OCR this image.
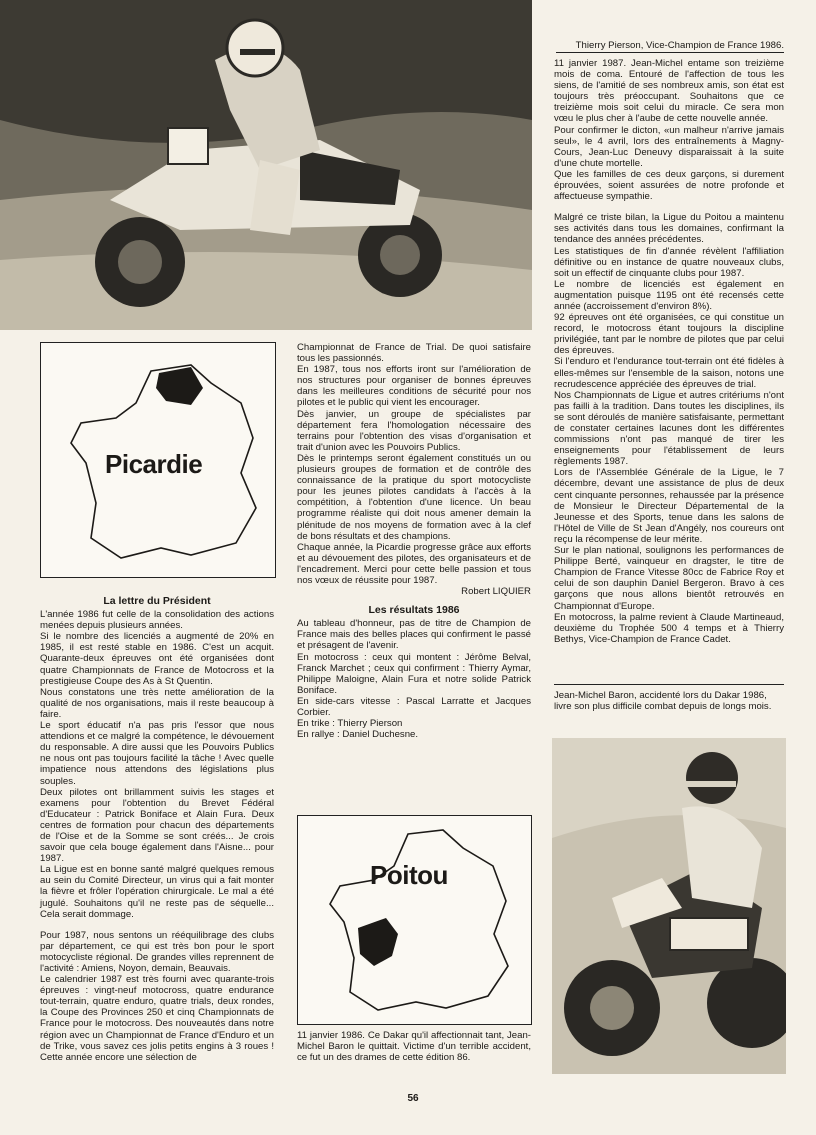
Thierry Pierson, Vice-Champion de France 1986.
Picardie
La lettre du Président

L'année 1986 fut celle de la consolidation des actions menées depuis plusieurs années.

Si le nombre des licenciés a augmenté de 20% en 1985, il est resté stable en 1986. C'est un acquit. Quarante-deux épreuves ont été organisées dont quatre Championnats de France de Motocross et la prestigieuse Coupe des As à St Quentin.

Nous constatons une très nette amélioration de la qualité de nos organisations, mais il reste beaucoup à faire.

Le sport éducatif n'a pas pris l'essor que nous attendions et ce malgré la compétence, le dévouement du responsable. A dire aussi que les Pouvoirs Publics ne nous ont pas toujours facilité la tâche ! Avec quelle impatience nous attendons des législations plus souples.

Deux pilotes ont brillamment suivis les stages et examens pour l'obtention du Brevet Fédéral d'Educateur : Patrick Boniface et Alain Fura. Deux centres de formation pour chacun des départements de l'Oise et de la Somme se sont créés... Je crois savoir que cela bouge également dans l'Aisne... pour 1987.

La Ligue est en bonne santé malgré quelques remous au sein du Comité Directeur, un virus qui a fait monter la fièvre et frôler l'opération chirurgicale. Le mal a été jugulé. Souhaitons qu'il ne reste pas de séquelle... Cela serait dommage.

Pour 1987, nous sentons un rééquilibrage des clubs par département, ce qui est très bon pour le sport motocycliste régional. De grandes villes reprennent de l'activité : Amiens, Noyon, demain, Beauvais.

Le calendrier 1987 est très fourni avec quarante-trois épreuves : vingt-neuf motocross, quatre endurance tout-terrain, quatre enduro, quatre trials, deux rondes, la Coupe des Provinces 250 et cinq Championnats de France pour le motocross. Des nouveautés dans notre région avec un Championnat de France d'Enduro et un de Trike, vous savez ces jolis petits engins à 3 roues ! Cette année encore une sélection de

Championnat de France de Trial. De quoi satisfaire tous les passionnés.

En 1987, tous nos efforts iront sur l'amélioration de nos structures pour organiser de bonnes épreuves dans les meilleures conditions de sécurité pour nos pilotes et le public qui vient les encourager.

Dès janvier, un groupe de spécialistes par département fera l'homologation nécessaire des terrains pour l'obtention des visas d'organisation et trait d'union avec les Pouvoirs Publics.

Dès le printemps seront également constitués un ou plusieurs groupes de formation et de contrôle des connaissance de la pratique du sport motocycliste pour les jeunes pilotes candidats à l'accès à la compétition, à l'obtention d'une licence. Un beau programme réaliste qui doit nous amener demain la plénitude de nos moyens de formation avec à la clef de bons résultats et des champions.

Chaque année, la Picardie progresse grâce aux efforts et au dévouement des pilotes, des organisateurs et de l'encadrement. Merci pour cette belle passion et tous nos vœux de réussite pour 1987.

Robert LIQUIER
Les résultats 1986

Au tableau d'honneur, pas de titre de Champion de France mais des belles places qui confirment le passé et présagent de l'avenir.

En motocross : ceux qui montent : Jérôme Belval, Franck Marchet ; ceux qui confirment : Thierry Aymar, Philippe Maloigne, Alain Fura et notre solide Patrick Boniface.

En side-cars vitesse : Pascal Larratte et Jacques Corbier.

En trike : Thierry Pierson

En rallye : Daniel Duchesne.

Poitou
11 janvier 1986. Ce Dakar qu'il affectionnait tant, Jean-Michel Baron le quittait. Victime d'un terrible accident, ce fut un des drames de cette édition 86.

11 janvier 1987. Jean-Michel entame son treizième mois de coma. Entouré de l'affection de tous les siens, de l'amitié de ses nombreux amis, son état est toujours très préoccupant. Souhaitons que ce treizième mois soit celui du miracle. Ce sera mon vœu le plus cher à l'aube de cette nouvelle année.

Pour confirmer le dicton, «un malheur n'arrive jamais seul», le 4 avril, lors des entraînements à Magny-Cours, Jean-Luc Deneuvy disparaissait à la suite d'une chute mortelle.

Que les familles de ces deux garçons, si durement éprouvées, soient assurées de notre profonde et affectueuse sympathie.

Malgré ce triste bilan, la Ligue du Poitou a maintenu ses activités dans tous les domaines, confirmant la tendance des années précédentes.

Les statistiques de fin d'année révèlent l'affiliation définitive ou en instance de quatre nouveaux clubs, soit un effectif de cinquante clubs pour 1987.

Le nombre de licenciés est également en augmentation puisque 1195 ont été recensés cette année (accroissement d'environ 8%).

92 épreuves ont été organisées, ce qui constitue un record, le motocross étant toujours la discipline privilégiée, tant par le nombre de pilotes que par celui des épreuves.

Si l'enduro et l'endurance tout-terrain ont été fidèles à elles-mêmes sur l'ensemble de la saison, notons une recrudescence appréciée des épreuves de trial.

Nos Championnats de Ligue et autres critériums n'ont pas failli à la tradition. Dans toutes les disciplines, ils se sont déroulés de manière satisfaisante, permettant de constater certaines lacunes dont les différentes commissions n'ont pas manqué de tirer les enseignements pour l'établissement de leurs règlements 1987.

Lors de l'Assemblée Générale de la Ligue, le 7 décembre, devant une assistance de plus de deux cent cinquante personnes, rehaussée par la présence de Monsieur le Directeur Départemental de la Jeunesse et des Sports, tenue dans les salons de l'Hôtel de Ville de St Jean d'Angély, nos coureurs ont reçu la récompense de leur mérite.

Sur le plan national, soulignons les performances de Philippe Berté, vainqueur en dragster, le titre de Champion de France Vitesse 80cc de Fabrice Roy et celui de son dauphin Daniel Bergeron. Bravo à ces garçons que nous allons bientôt retrouvés en Championnat d'Europe.

En motocross, la palme revient à Claude Martineaud, deuxième du Trophée 500 4 temps et à Thierry Bethys, Vice-Champion de France Cadet.

Jean-Michel Baron, accidenté lors du Dakar 1986, livre son plus difficile combat depuis de longs mois.
56
